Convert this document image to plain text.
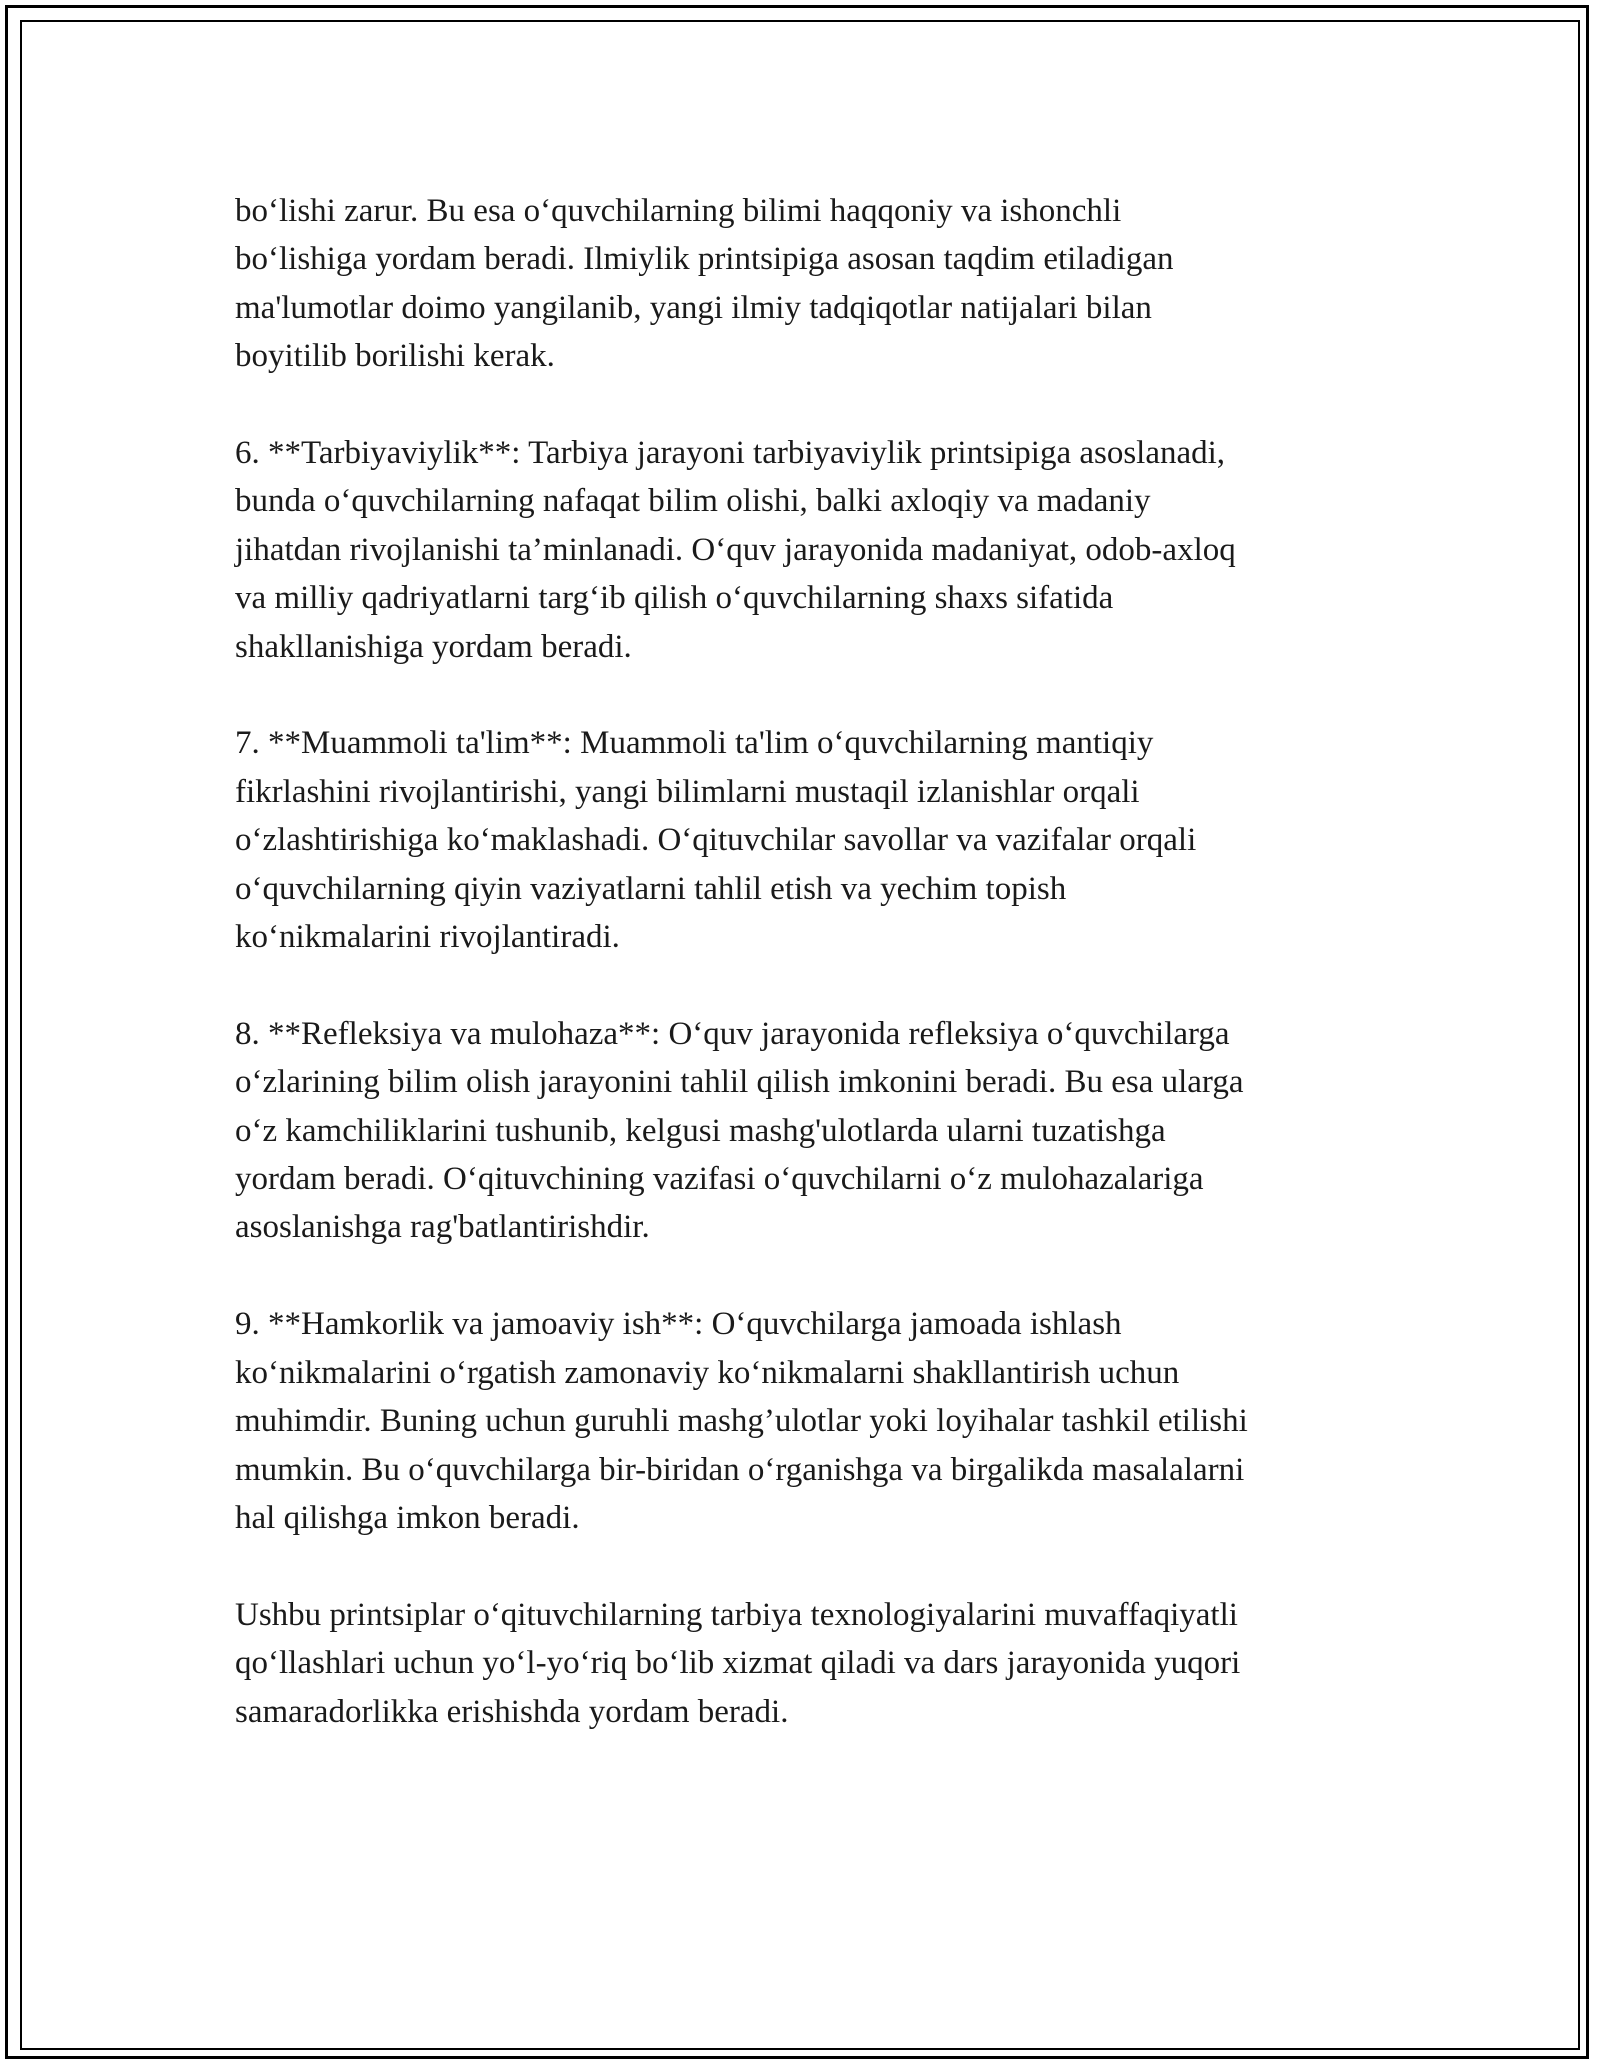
bo‘lishi zarur. Bu esa o‘quvchilarning bilimi haqqoniy va ishonchli
bo‘lishiga yordam beradi. Ilmiylik printsipiga asosan taqdim etiladigan
ma'lumotlar doimo yangilanib, yangi ilmiy tadqiqotlar natijalari bilan
boyitilib borilishi kerak.

6. **Tarbiyaviylik**: Tarbiya jarayoni tarbiyaviylik printsipiga asoslanadi,
bunda o‘quvchilarning nafaqat bilim olishi, balki axloqiy va madaniy
jihatdan rivojlanishi ta’minlanadi. O‘quv jarayonida madaniyat, odob-axloq
va milliy qadriyatlarni targ‘ib qilish o‘quvchilarning shaxs sifatida
shakllanishiga yordam beradi.

7. **Muammoli ta'lim**: Muammoli ta'lim o‘quvchilarning mantiqiy
fikrlashini rivojlantirishi, yangi bilimlarni mustaqil izlanishlar orqali
o‘zlashtirishiga ko‘maklashadi. O‘qituvchilar savollar va vazifalar orqali
o‘quvchilarning qiyin vaziyatlarni tahlil etish va yechim topish
ko‘nikmalarini rivojlantiradi.

8. **Refleksiya va mulohaza**: O‘quv jarayonida refleksiya o‘quvchilarga
o‘zlarining bilim olish jarayonini tahlil qilish imkonini beradi. Bu esa ularga
o‘z kamchiliklarini tushunib, kelgusi mashg'ulotlarda ularni tuzatishga
yordam beradi. O‘qituvchining vazifasi o‘quvchilarni o‘z mulohazalariga
asoslanishga rag'batlantirishdir.

9. **Hamkorlik va jamoaviy ish**: O‘quvchilarga jamoada ishlash
ko‘nikmalarini o‘rgatish zamonaviy ko‘nikmalarni shakllantirish uchun
muhimdir. Buning uchun guruhli mashg’ulotlar yoki loyihalar tashkil etilishi
mumkin. Bu o‘quvchilarga bir-biridan o‘rganishga va birgalikda masalalarni
hal qilishga imkon beradi.

Ushbu printsiplar o‘qituvchilarning tarbiya texnologiyalarini muvaffaqiyatli
qo‘llashlari uchun yo‘l-yo‘riq bo‘lib xizmat qiladi va dars jarayonida yuqori
samaradorlikka erishishda yordam beradi.
